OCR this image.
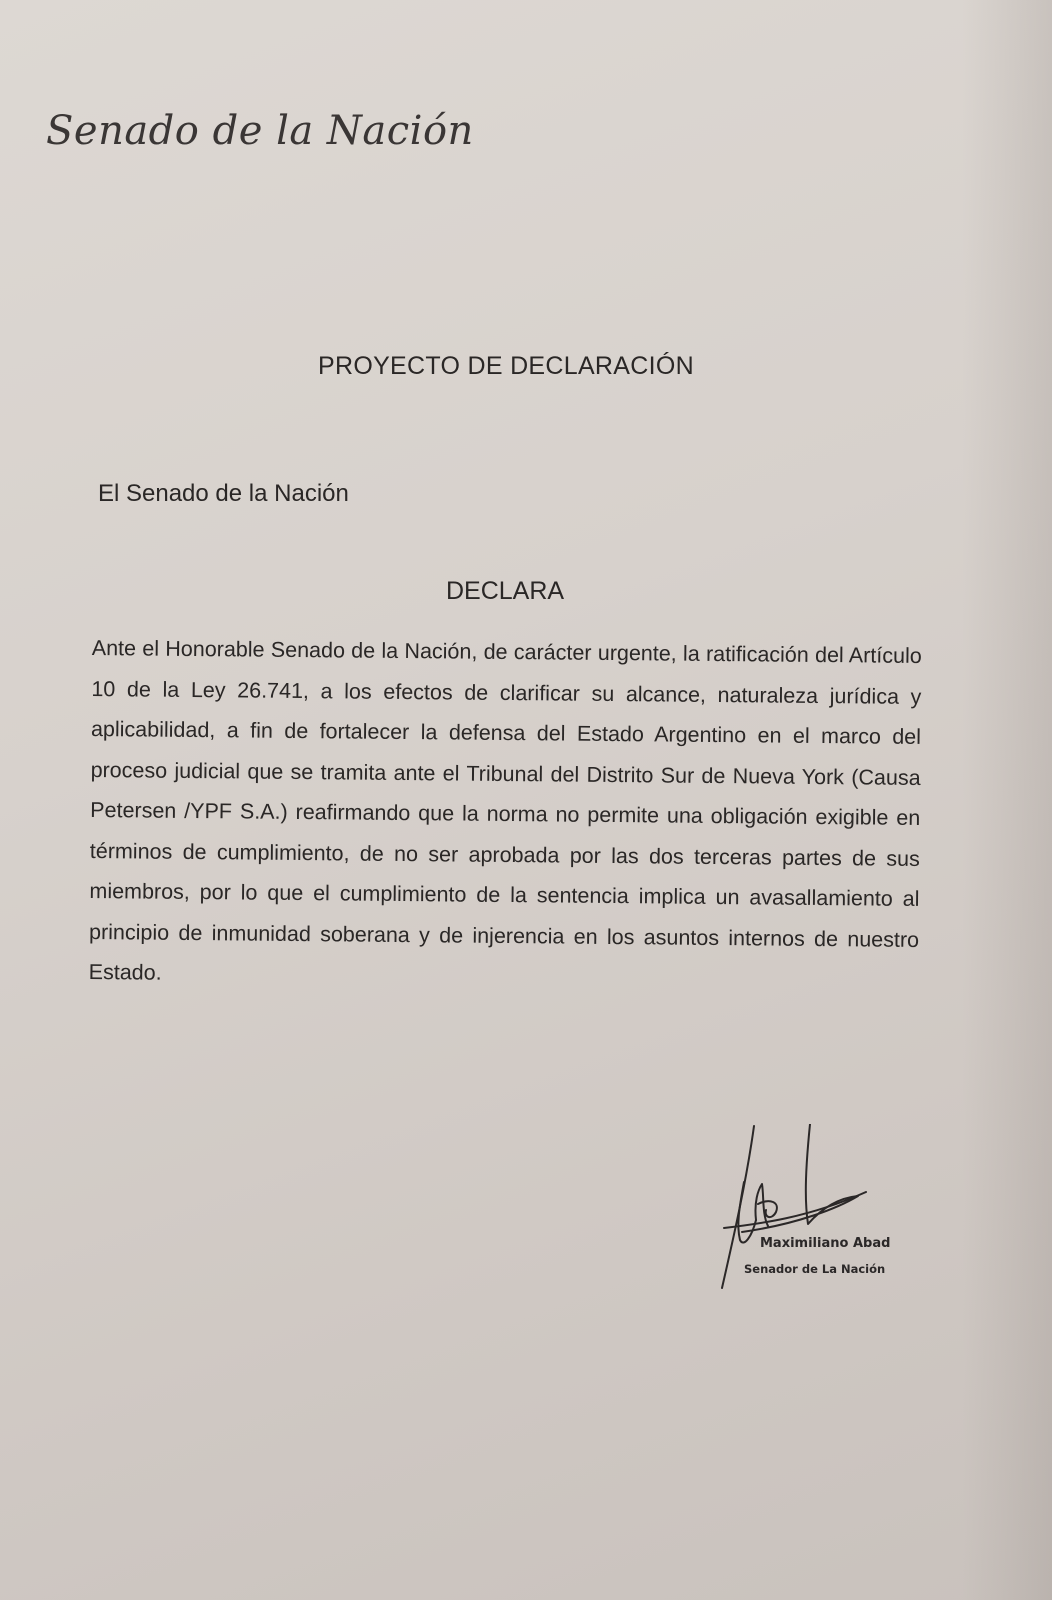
Senado de la Nación
PROYECTO DE DECLARACIÓN
El Senado de la Nación
DECLARA
Ante el Honorable Senado de la Nación, de carácter urgente, la ratificación del Artículo 10 de la Ley 26.741, a los efectos de clarificar su alcance, naturaleza jurídica y aplicabilidad, a fin de fortalecer la defensa del Estado Argentino en el marco del proceso judicial que se tramita ante el Tribunal del Distrito Sur de Nueva York (Causa Petersen /YPF S.A.) reafirmando que la norma no permite una obligación exigible en términos de cumplimiento, de no ser aprobada por las dos terceras partes de sus miembros, por lo que el cumplimiento de la sentencia implica un avasallamiento al principio de inmunidad soberana y de injerencia en los asuntos internos de nuestro Estado.
Maximiliano Abad
Senador de La Nación
